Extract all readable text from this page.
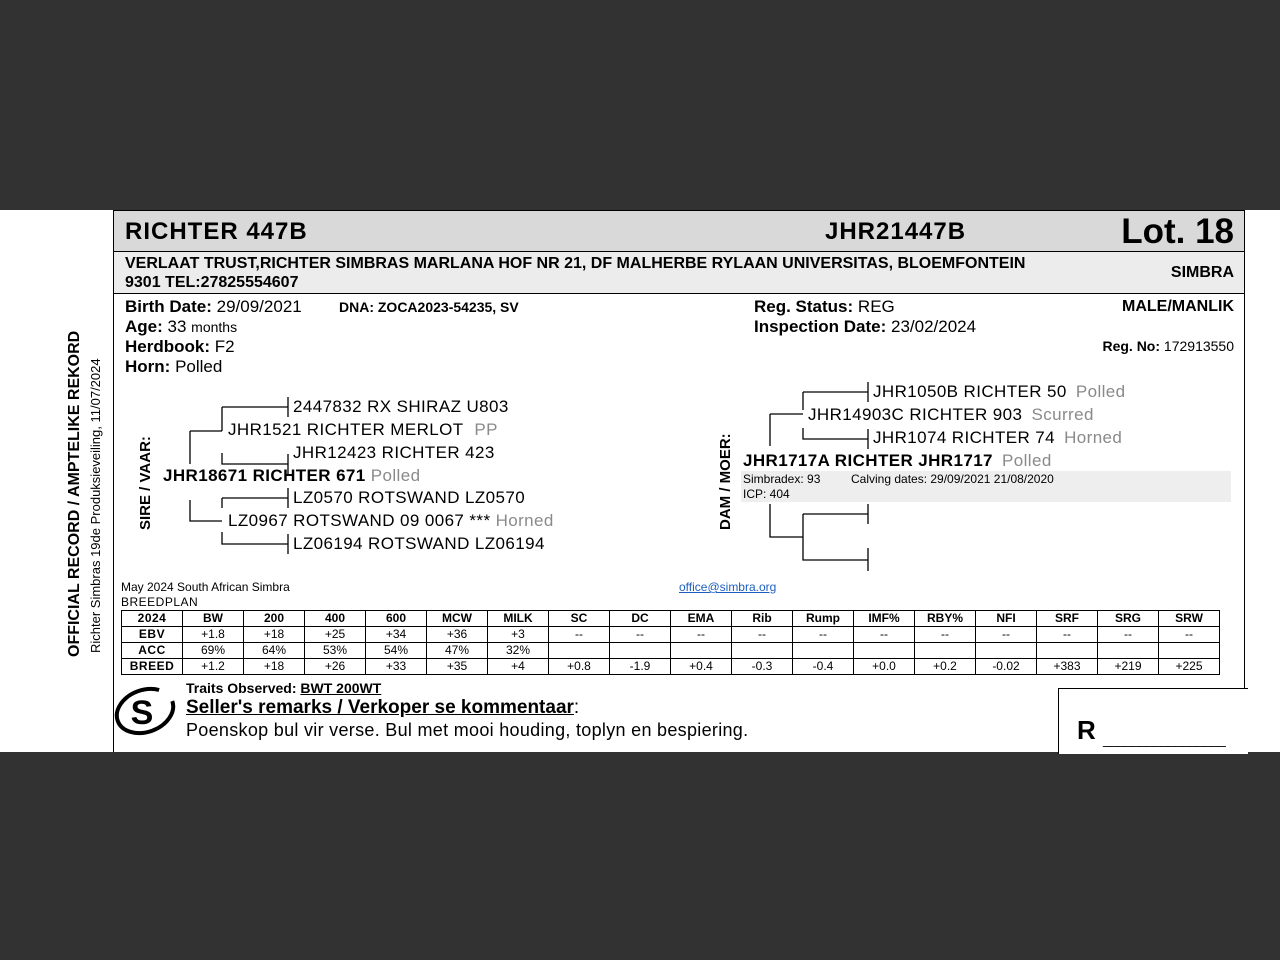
OFFICIAL RECORD / AMPTELIKE REKORD Richter Simbras 19de Produksieveiling, 11/07/2024
RICHTER 447B	JHR21447B	Lot. 18
VERLAAT TRUST,RICHTER SIMBRAS MARLANA HOF NR 21, DF MALHERBE RYLAAN UNIVERSITAS, BLOEMFONTEIN
9301 TEL:27825554607
SIMBRA
Birth Date: 29/09/2021	DNA: ZOCA2023-54235, SV
Age: 33 months
Herdbook: F2
Horn: Polled
Reg. Status: REG
Inspection Date: 23/02/2024
MALE/MANLIK
Reg. No: 172913550
SIRE / VAAR:
2447832 RX SHIRAZ U803
JHR1521 RICHTER MERLOT PP
JHR12423 RICHTER 423
JHR18671 RICHTER 671 Polled
LZ0570 ROTSWAND LZ0570
LZ0967 ROTSWAND 09 0067 *** Horned
LZ06194 ROTSWAND LZ06194
DAM / MOER:
JHR1050B RICHTER 50 Polled
JHR14903C RICHTER 903 Scurred
JHR1074 RICHTER 74 Horned
JHR1717A RICHTER JHR1717 Polled
Simbradex: 93	Calving dates: 29/09/2021 21/08/2020
ICP: 404
May 2024 South African Simbra
BREEDPLAN
office@simbra.org
2024	BW	200	400	600	MCW	MILK	SC	DC	EMA	Rib	Rump	IMF%	RBY%	NFI	SRF	SRG	SRW
EBV	+1.8	+18	+25	+34	+36	+3	--	--	--	--	--	--	--	--	--	--	--
ACC	69%	64%	53%	54%	47%	32%											
BREED	+1.2	+18	+26	+33	+35	+4	+0.8	-1.9	+0.4	-0.3	-0.4	+0.0	+0.2	-0.02	+383	+219	+225
S
Traits Observed: BWT 200WT
Seller's remarks / Verkoper se kommentaar:
Poenskop bul vir verse. Bul met mooi houding, toplyn en bespiering.	R _________________
